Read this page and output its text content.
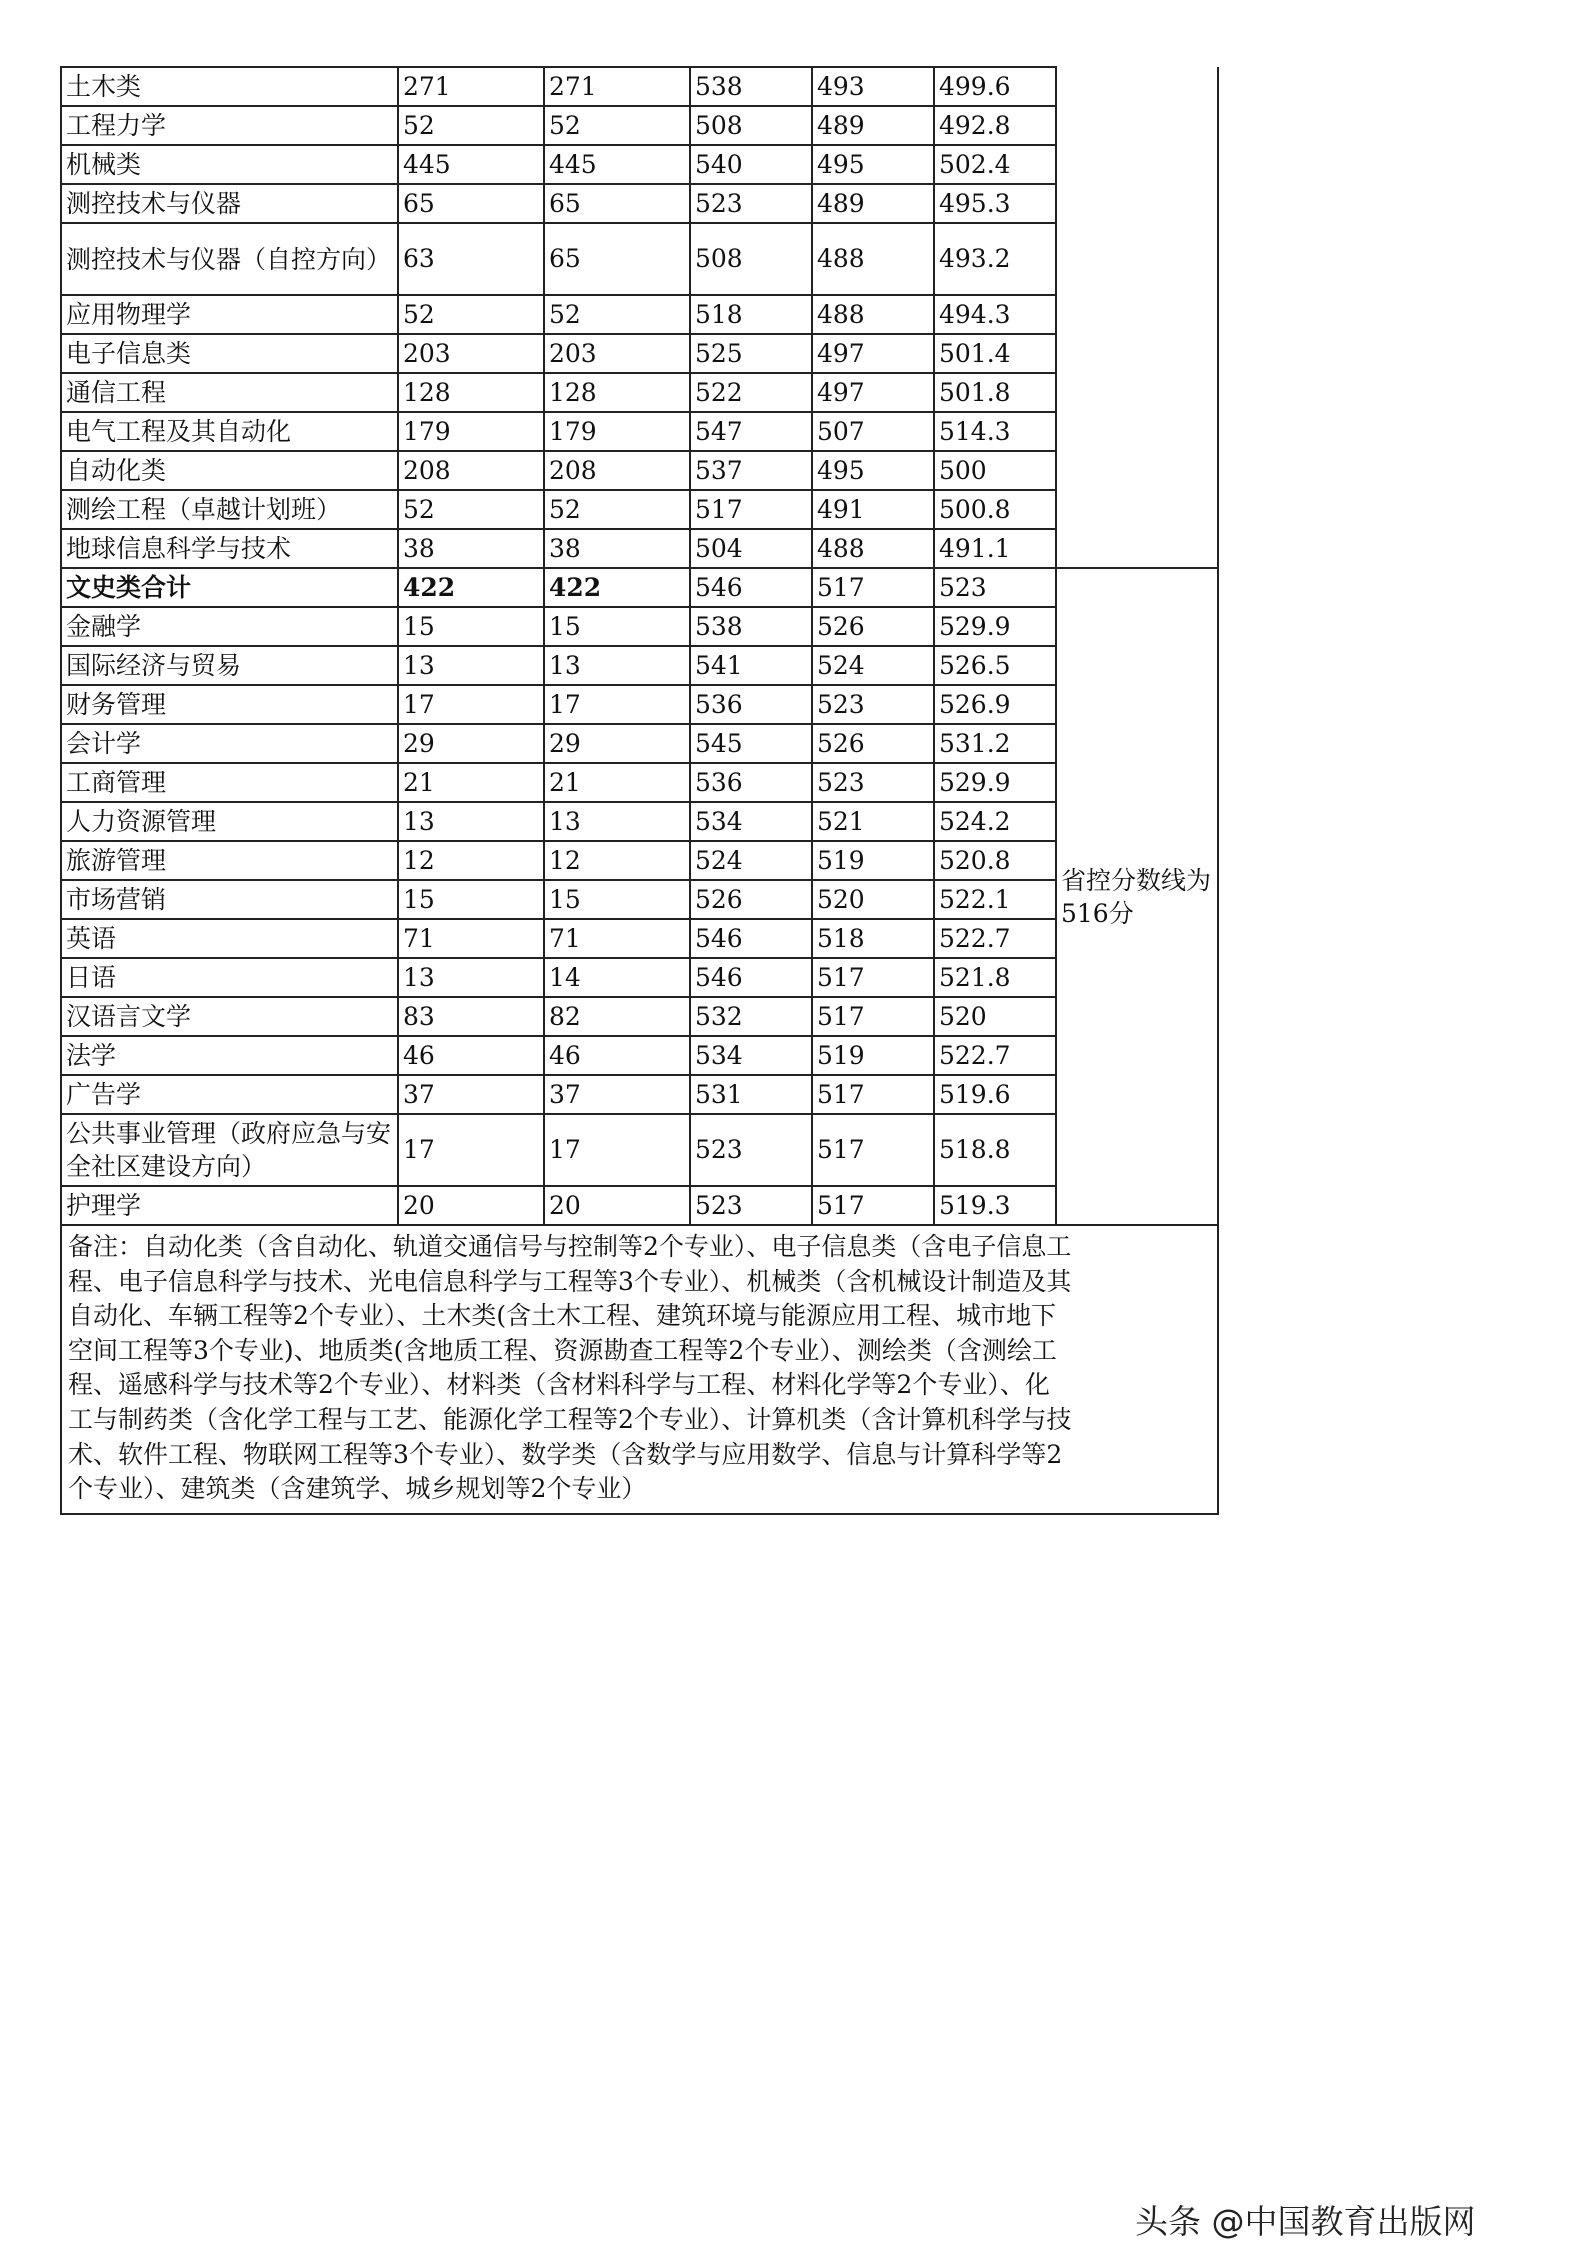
土木类	271	271	538	493	499.6	
工程力学	52	52	508	489	492.8	
机械类	445	445	540	495	502.4	
测控技术与仪器	65	65	523	489	495.3	
测控技术与仪器（自控方向）	63	65	508	488	493.2	
应用物理学	52	52	518	488	494.3	
电子信息类	203	203	525	497	501.4	
通信工程	128	128	522	497	501.8	
电气工程及其自动化	179	179	547	507	514.3	
自动化类	208	208	537	495	500	
测绘工程（卓越计划班）	52	52	517	491	500.8	
地球信息科学与技术	38	38	504	488	491.1	
文史类合计	422	422	546	517	523	省控分数线为516分
金融学	15	15	538	526	529.9	
国际经济与贸易	13	13	541	524	526.5	
财务管理	17	17	536	523	526.9	
会计学	29	29	545	526	531.2	
工商管理	21	21	536	523	529.9	
人力资源管理	13	13	534	521	524.2	
旅游管理	12	12	524	519	520.8	
市场营销	15	15	526	520	522.1	
英语	71	71	546	518	522.7	
日语	13	14	546	517	521.8	
汉语言文学	83	82	532	517	520	
法学	46	46	534	519	522.7	
广告学	37	37	531	517	519.6	
公共事业管理（政府应急与安全社区建设方向）	17	17	523	517	518.8	
护理学	20	20	523	517	519.3	
备注：自动化类（含自动化、轨道交通信号与控制等2个专业）、电子信息类（含电子信息工
程、电子信息科学与技术、光电信息科学与工程等3个专业）、机械类（含机械设计制造及其
自动化、车辆工程等2个专业）、土木类(含土木工程、建筑环境与能源应用工程、城市地下
空间工程等3个专业)、地质类(含地质工程、资源勘查工程等2个专业）、测绘类（含测绘工
程、遥感科学与技术等2个专业）、材料类（含材料科学与工程、材料化学等2个专业）、化
工与制药类（含化学工程与工艺、能源化学工程等2个专业）、计算机类（含计算机科学与技
术、软件工程、物联网工程等3个专业）、数学类（含数学与应用数学、信息与计算科学等2
个专业）、建筑类（含建筑学、城乡规划等2个专业）
头条 @中国教育出版网
